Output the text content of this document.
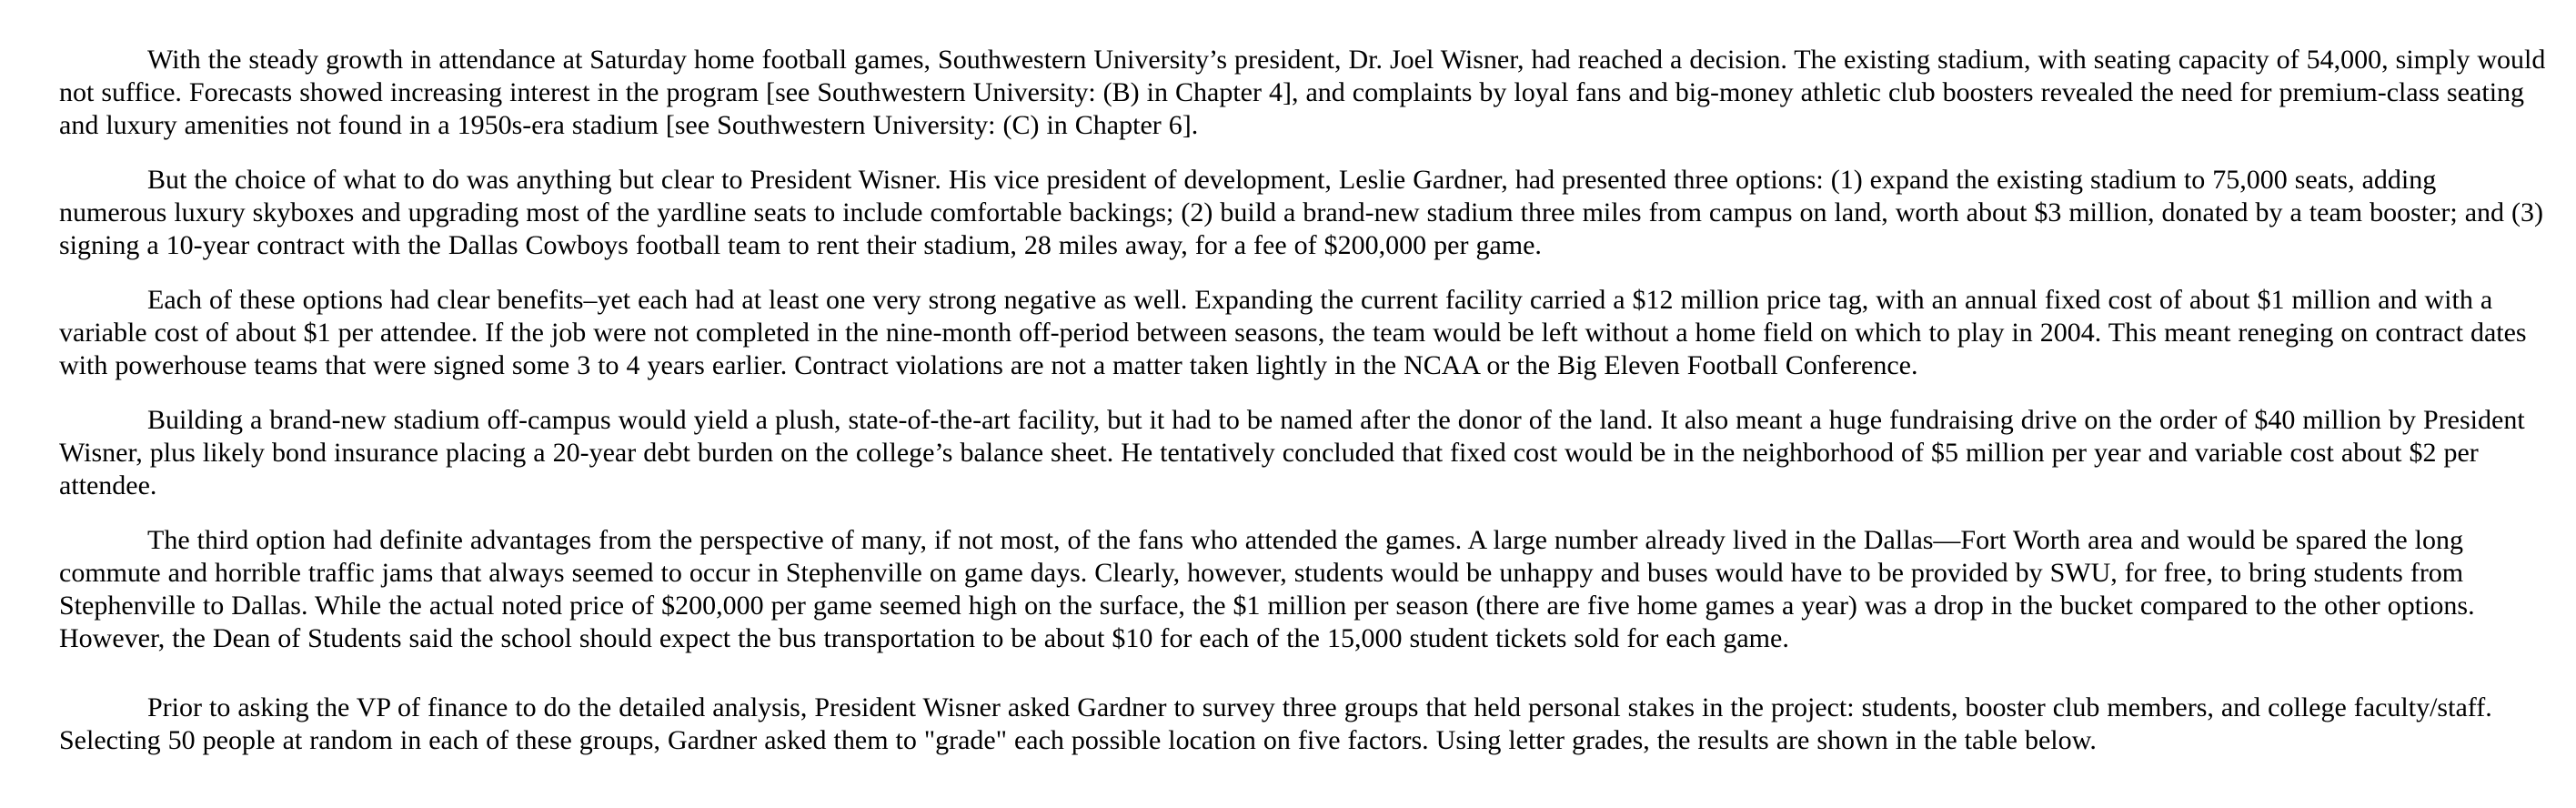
With the steady growth in attendance at Saturday home football games, Southwestern University’s president, Dr. Joel Wisner, had reached a decision. The existing stadium, with seating capacity of 54,000, simply would not suffice. Forecasts showed increasing interest in the program [see Southwestern University: (B) in Chapter 4], and complaints by loyal fans and big-money athletic club boosters revealed the need for premium-class seating and luxury amenities not found in a 1950s-era stadium [see Southwestern University: (C) in Chapter 6].

But the choice of what to do was anything but clear to President Wisner. His vice president of development, Leslie Gardner, had presented three options: (1) expand the existing stadium to 75,000 seats, adding numerous luxury skyboxes and upgrading most of the yardline seats to include comfortable backings; (2) build a brand-new stadium three miles from campus on land, worth about $3 million, donated by a team booster; and (3) signing a 10-year contract with the Dallas Cowboys football team to rent their stadium, 28 miles away, for a fee of $200,000 per game.

Each of these options had clear benefits–yet each had at least one very strong negative as well. Expanding the current facility carried a $12 million price tag, with an annual fixed cost of about $1 million and with a variable cost of about $1 per attendee. If the job were not completed in the nine-month off-period between seasons, the team would be left without a home field on which to play in 2004. This meant reneging on contract dates with powerhouse teams that were signed some 3 to 4 years earlier. Contract violations are not a matter taken lightly in the NCAA or the Big Eleven Football Conference.

Building a brand-new stadium off-campus would yield a plush, state-of-the-art facility, but it had to be named after the donor of the land. It also meant a huge fundraising drive on the order of $40 million by President Wisner, plus likely bond insurance placing a 20-year debt burden on the college’s balance sheet. He tentatively concluded that fixed cost would be in the neighborhood of $5 million per year and variable cost about $2 per attendee.

The third option had definite advantages from the perspective of many, if not most, of the fans who attended the games. A large number already lived in the Dallas—Fort Worth area and would be spared the long commute and horrible traffic jams that always seemed to occur in Stephenville on game days. Clearly, however, students would be unhappy and buses would have to be provided by SWU, for free, to bring students from Stephenville to Dallas. While the actual noted price of $200,000 per game seemed high on the surface, the $1 million per season (there are five home games a year) was a drop in the bucket compared to the other options. However, the Dean of Students said the school should expect the bus transportation to be about $10 for each of the 15,000 student tickets sold for each game.

Prior to asking the VP of finance to do the detailed analysis, President Wisner asked Gardner to survey three groups that held personal stakes in the project: students, booster club members, and college faculty/staff. Selecting 50 people at random in each of these groups, Gardner asked them to "grade" each possible location on five factors. Using letter grades, the results are shown in the table below.
